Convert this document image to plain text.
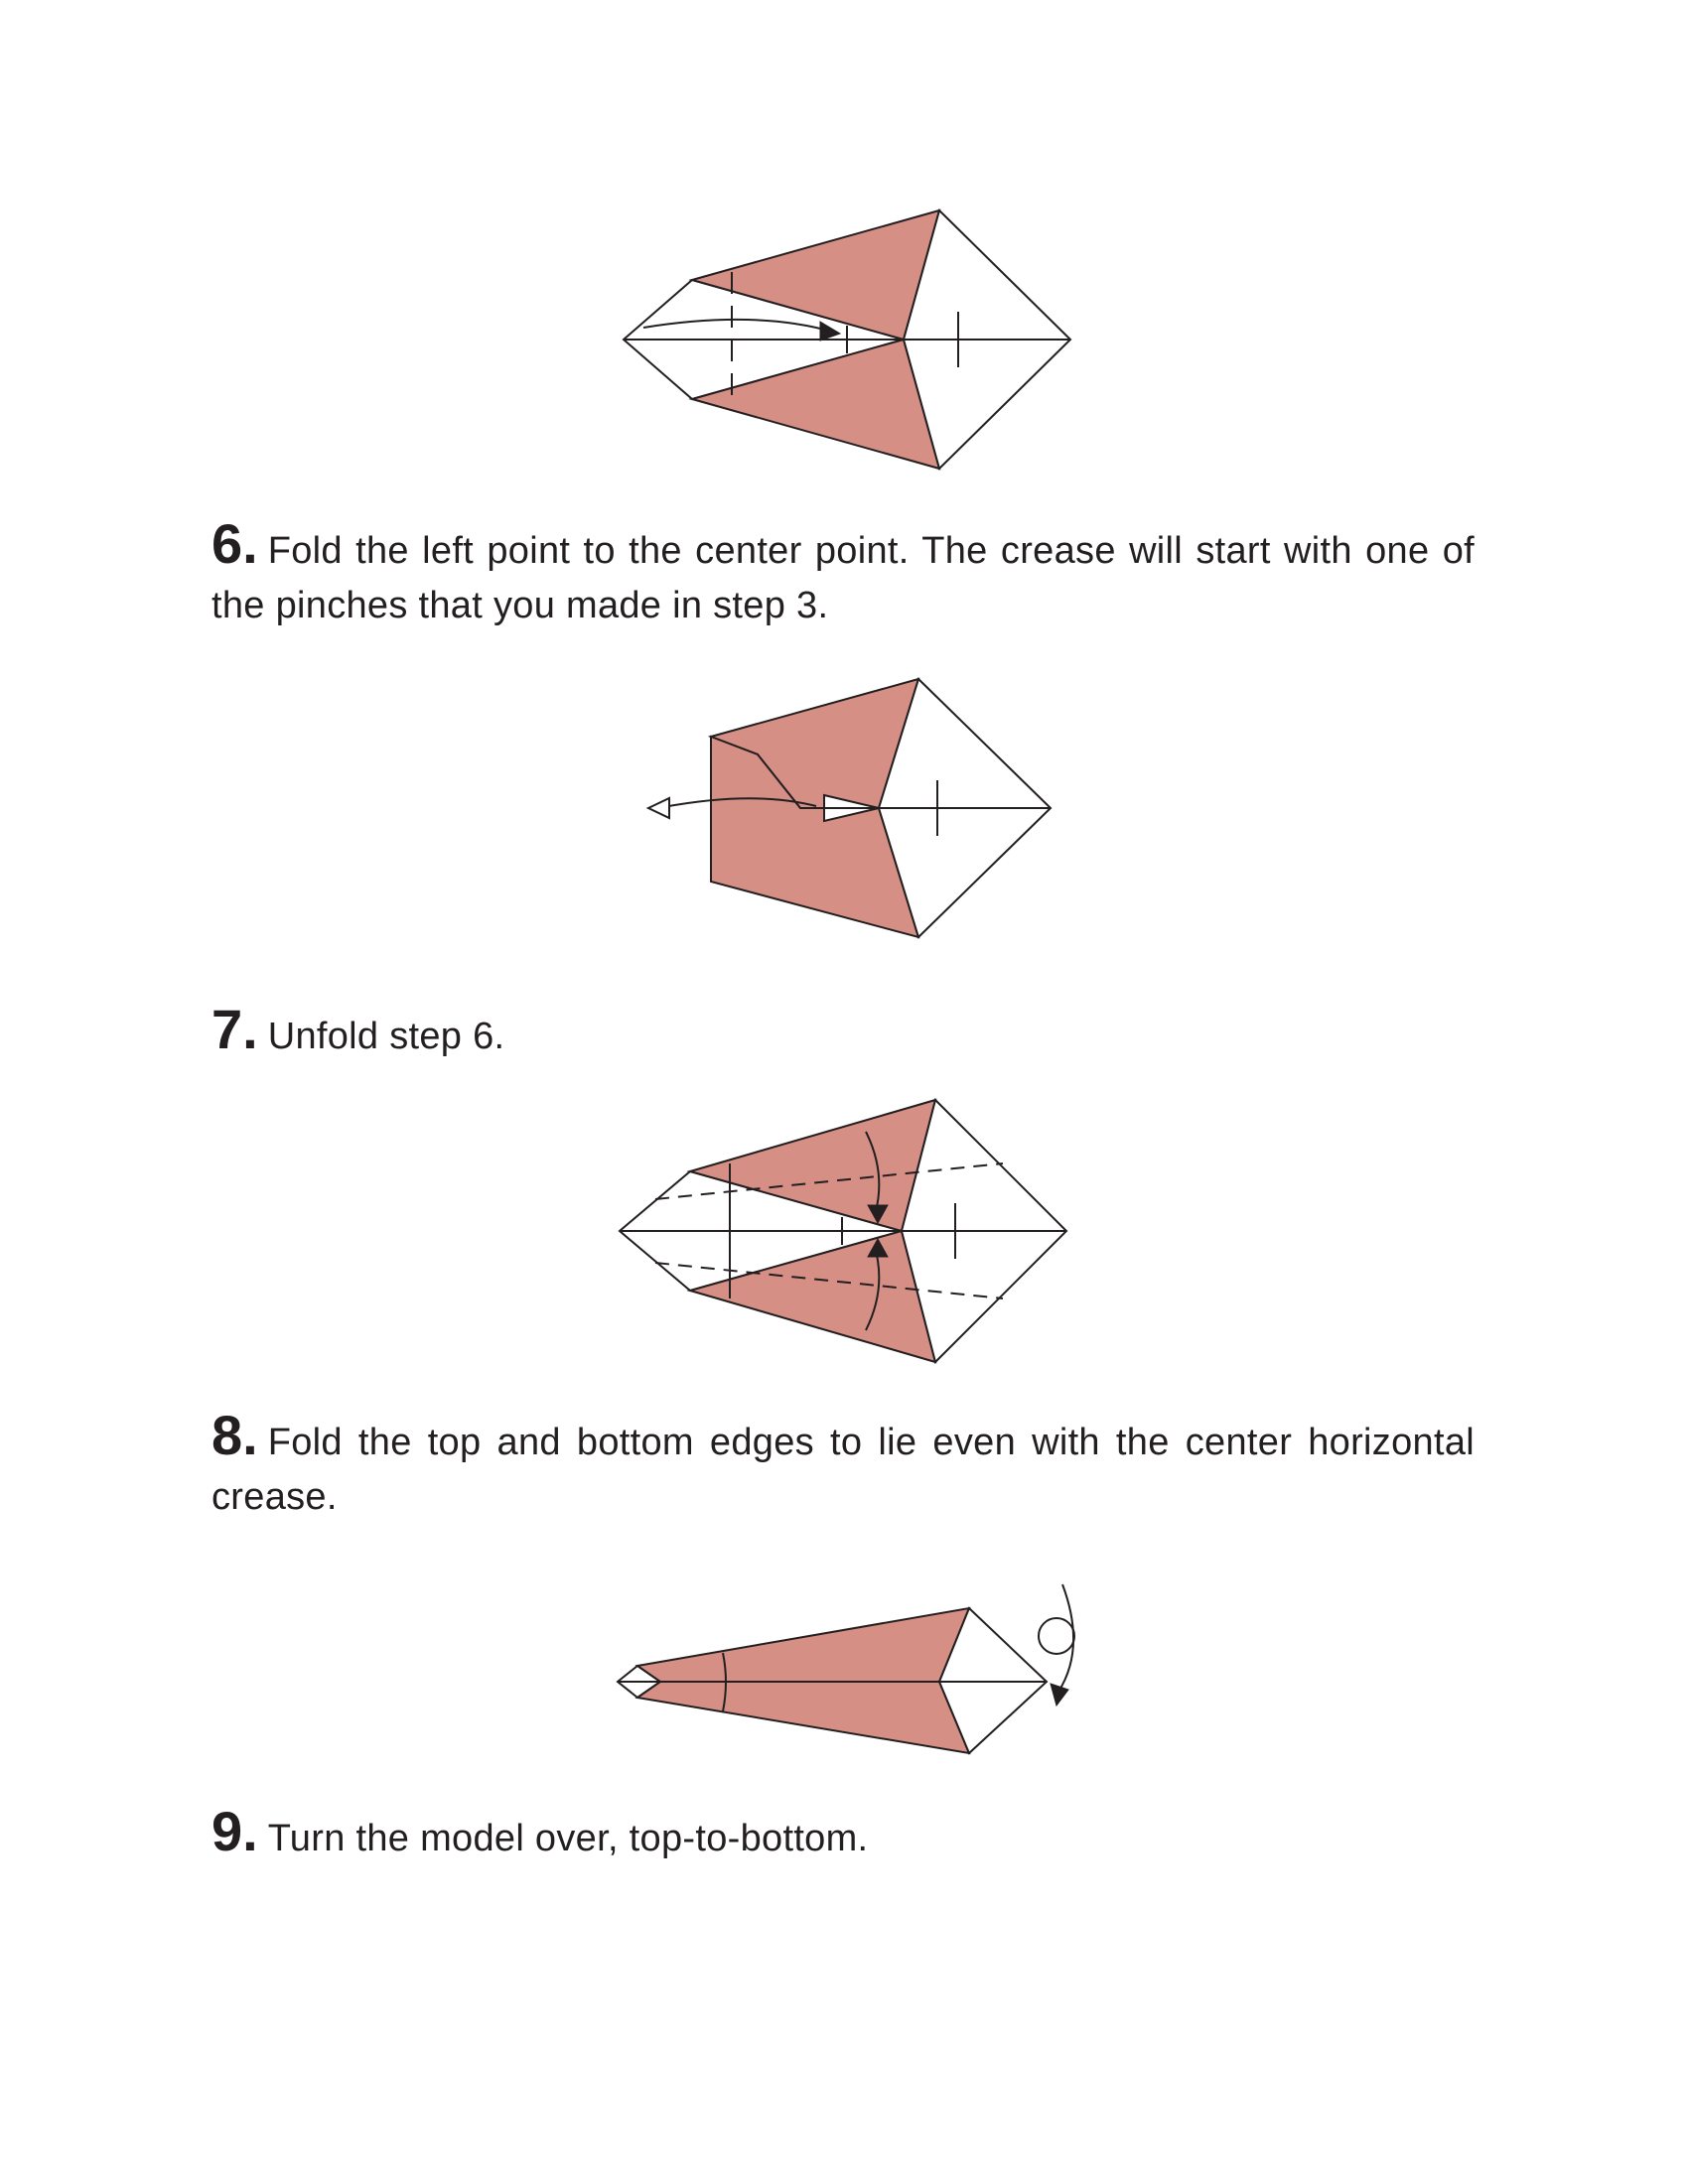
6. Fold the left point to the center point. The crease will start with one of the pinches that you made in step 3.
7. Unfold step 6.
8. Fold the top and bottom edges to lie even with the center horizontal crease.
9. Turn the model over, top-to-bottom.
